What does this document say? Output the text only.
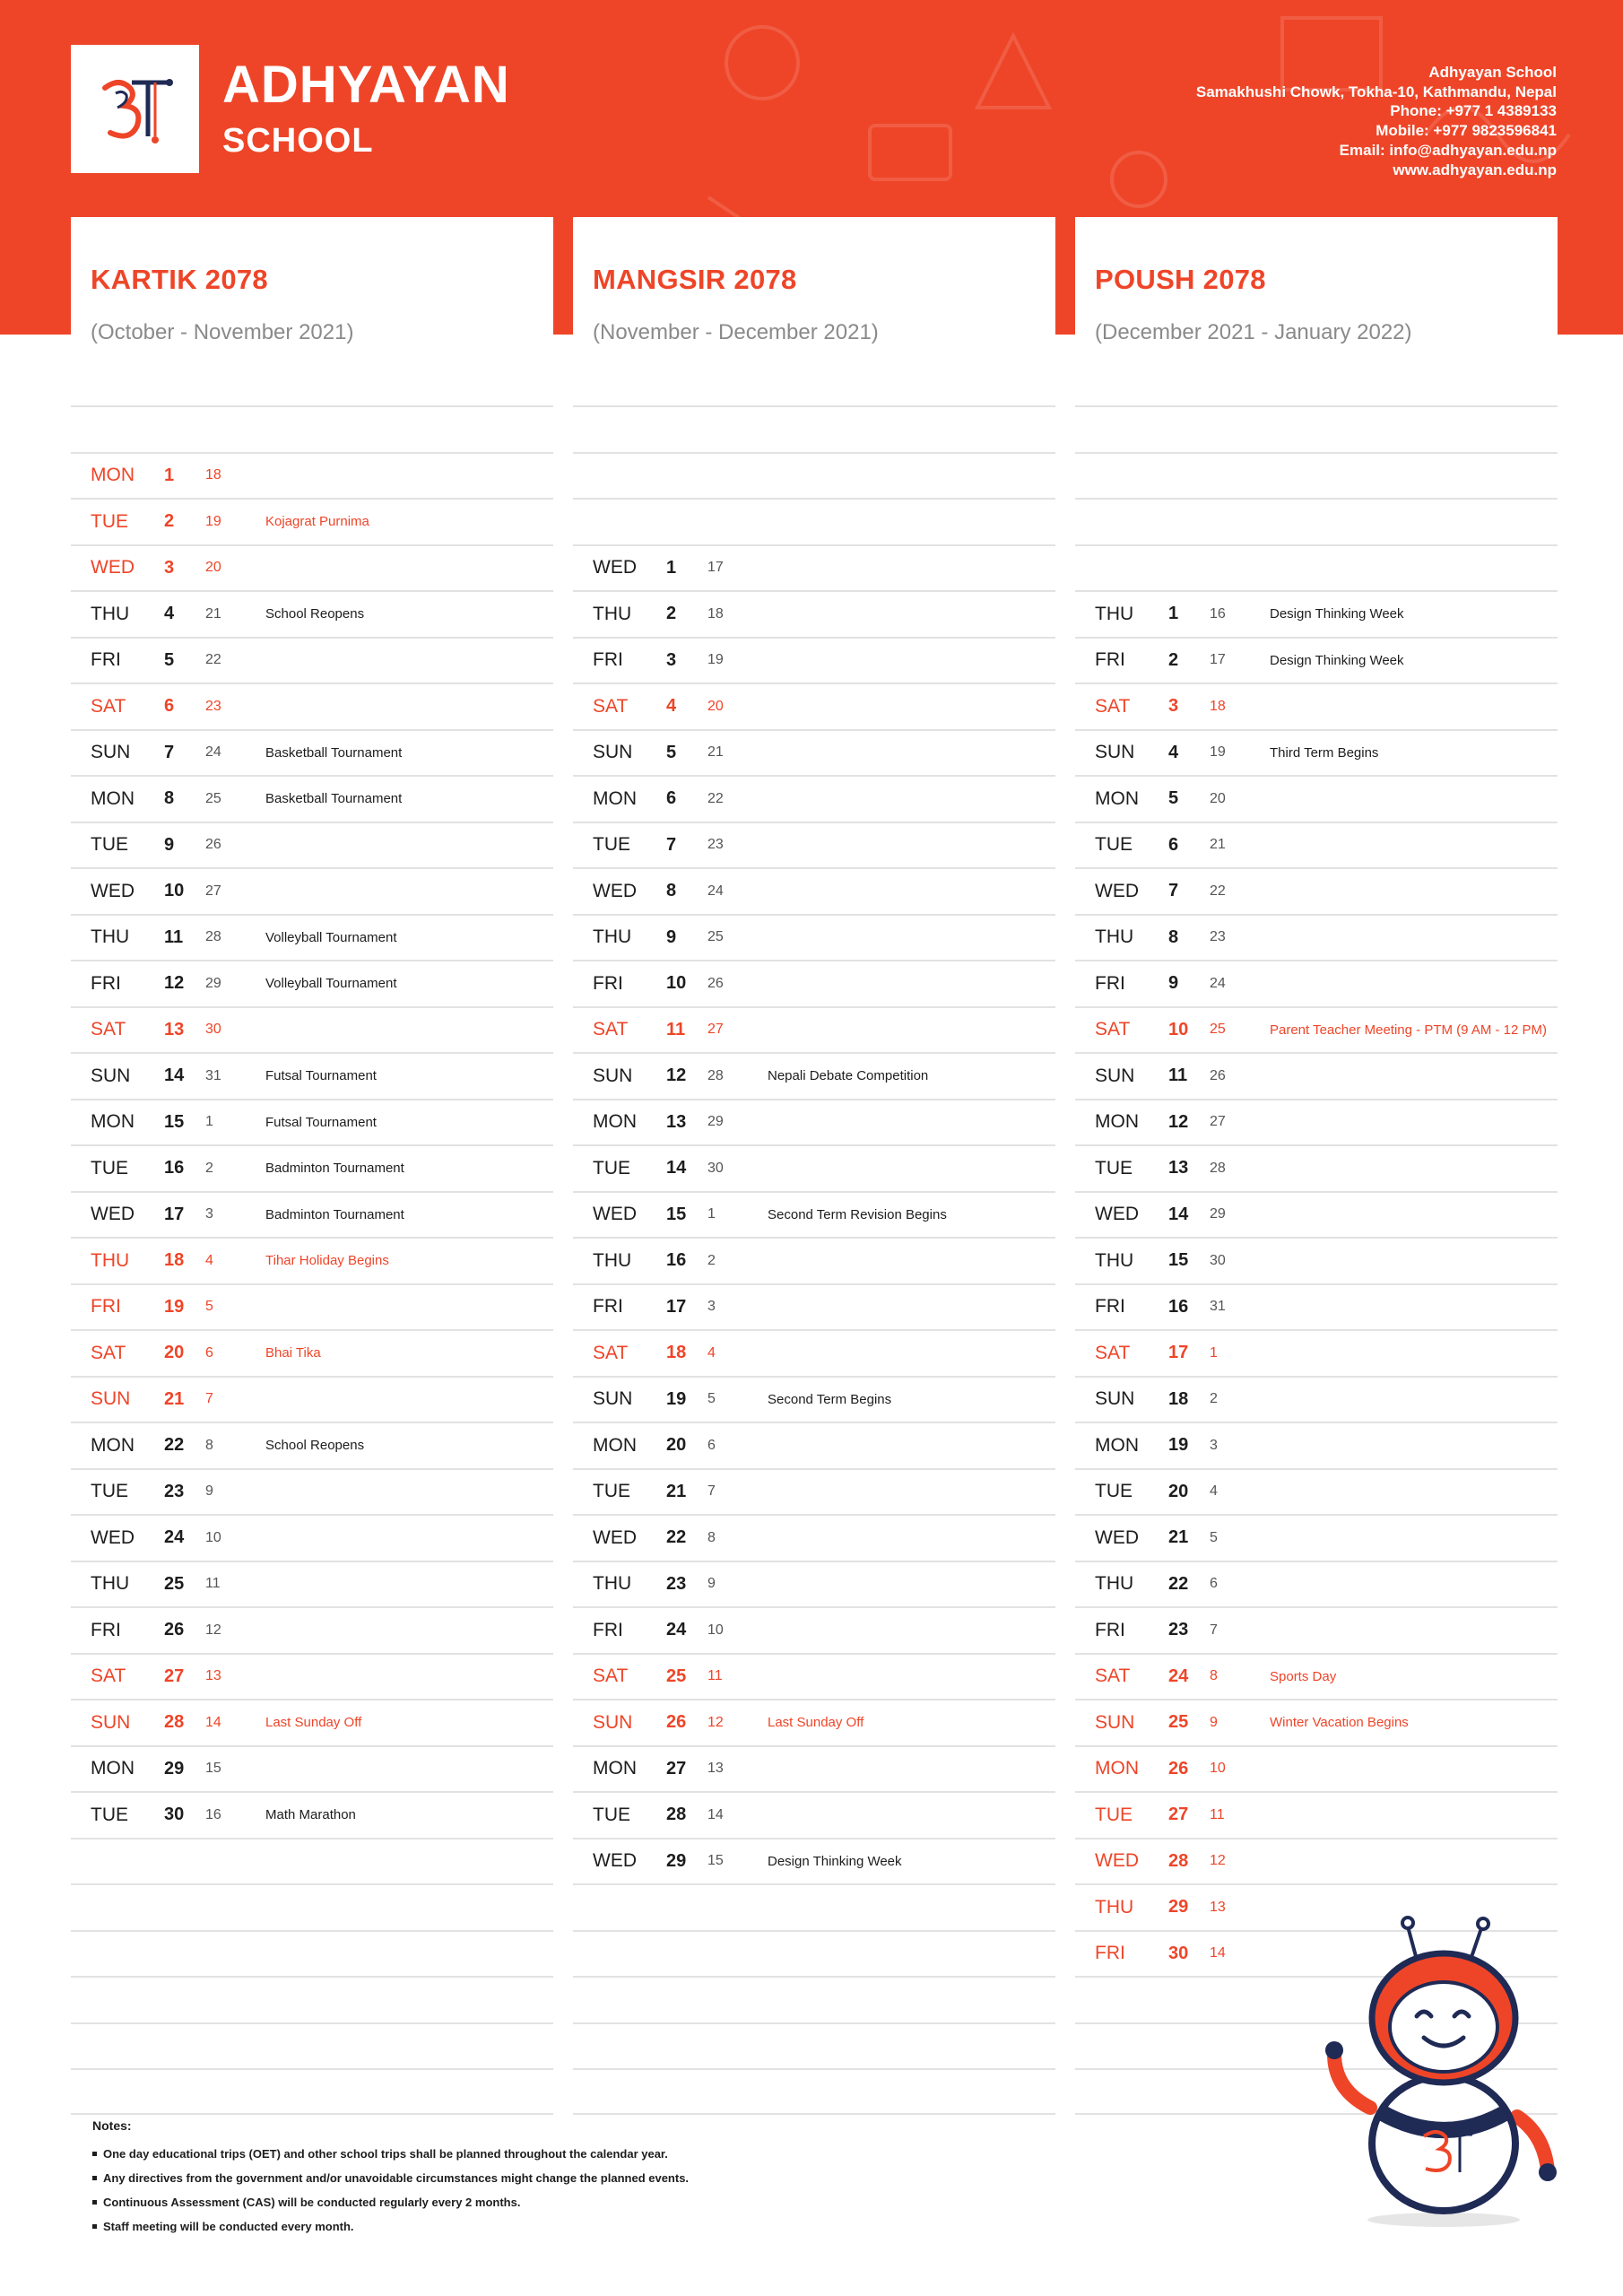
ADHYAYAN
SCHOOL
Adhyayan School
Samakhushi Chowk, Tokha-10, Kathmandu, Nepal
Phone: +977 1 4389133
Mobile: +977 9823596841
Email: info@adhyayan.edu.np
www.adhyayan.edu.np
KARTIK 2078
(October - November 2021)
MON 1 18
TUE 2 19	Kojagrat Purnima
WED 3 20
THU 4 21	School Reopens
FRI 5 22
SAT 6 23
SUN 7 24	Basketball Tournament
MON 8 25	Basketball Tournament
TUE 9 26
WED 10 27
THU 11 28	Volleyball Tournament
FRI 12 29	Volleyball Tournament
SAT 13 30
SUN 14 31	Futsal Tournament
MON 15 1	Futsal Tournament
TUE 16 2	Badminton Tournament
WED 17 3	Badminton Tournament
THU 18 4	Tihar Holiday Begins
FRI 19 5
SAT 20 6	Bhai Tika
SUN 21 7
MON 22 8	School Reopens
TUE 23 9
WED 24 10
THU 25 11
FRI 26 12
SAT 27 13
SUN 28 14	Last Sunday Off
MON 29 15
TUE 30 16	Math Marathon
MANGSIR 2078
(November - December 2021)
WED 1 17
THU 2 18
FRI 3 19
SAT 4 20
SUN 5 21
MON 6 22
TUE 7 23
WED 8 24
THU 9 25
FRI 10 26
SAT 11 27
SUN 12 28	Nepali Debate Competition
MON 13 29
TUE 14 30
WED 15 1	Second Term Revision Begins
THU 16 2
FRI 17 3
SAT 18 4
SUN 19 5	Second Term Begins
MON 20 6
TUE 21 7
WED 22 8
THU 23 9
FRI 24 10
SAT 25 11
SUN 26 12	Last Sunday Off
MON 27 13
TUE 28 14
WED 29 15	Design Thinking Week
POUSH 2078
(December 2021 - January 2022)
THU 1 16	Design Thinking Week
FRI 2 17	Design Thinking Week
SAT 3 18
SUN 4 19	Third Term Begins
MON 5 20
TUE 6 21
WED 7 22
THU 8 23
FRI 9 24
SAT 10 25	Parent Teacher Meeting - PTM (9 AM - 12 PM)
SUN 11 26
MON 12 27
TUE 13 28
WED 14 29
THU 15 30
FRI 16 31
SAT 17 1
SUN 18 2
MON 19 3
TUE 20 4
WED 21 5
THU 22 6
FRI 23 7
SAT 24 8	Sports Day
SUN 25 9	Winter Vacation Begins
MON 26 10
TUE 27 11
WED 28 12
THU 29 13
FRI 30 14
Notes:
One day educational trips (OET) and other school trips shall be planned throughout the calendar year.
Any directives from the government and/or unavoidable circumstances might change the planned events.
Continuous Assessment (CAS) will be conducted regularly every 2 months.
Staff meeting will be conducted every month.
